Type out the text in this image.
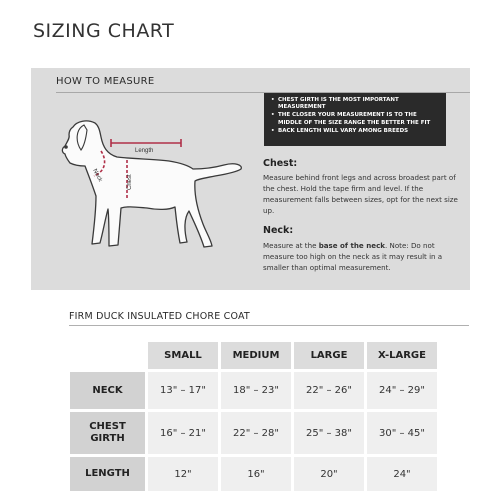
SIZING CHART
HOW TO MEASURE
• CHEST GIRTH IS THE MOST IMPORTANT MEASUREMENT
• THE CLOSER YOUR MEASUREMENT IS TO THE MIDDLE OF THE SIZE RANGE THE BETTER THE FIT
• BACK LENGTH WILL VARY AMONG BREEDS
Length
Neck	Chest
Chest:
Measure behind front legs and across broadest part of the chest. Hold the tape firm and level. If the measurement falls between sizes, opt for the next size up.
Neck:
Measure at the base of the neck. Note: Do not measure too high on the neck as it may result in a smaller than optimal measurement.
FIRM DUCK INSULATED CHORE COAT
	SMALL	MEDIUM	LARGE	X-LARGE
NECK	13" – 17"	18" – 23"	22" – 26"	24" – 29"
CHEST GIRTH	16" – 21"	22" – 28"	25" – 38"	30" – 45"
LENGTH	12"	16"	20"	24"
